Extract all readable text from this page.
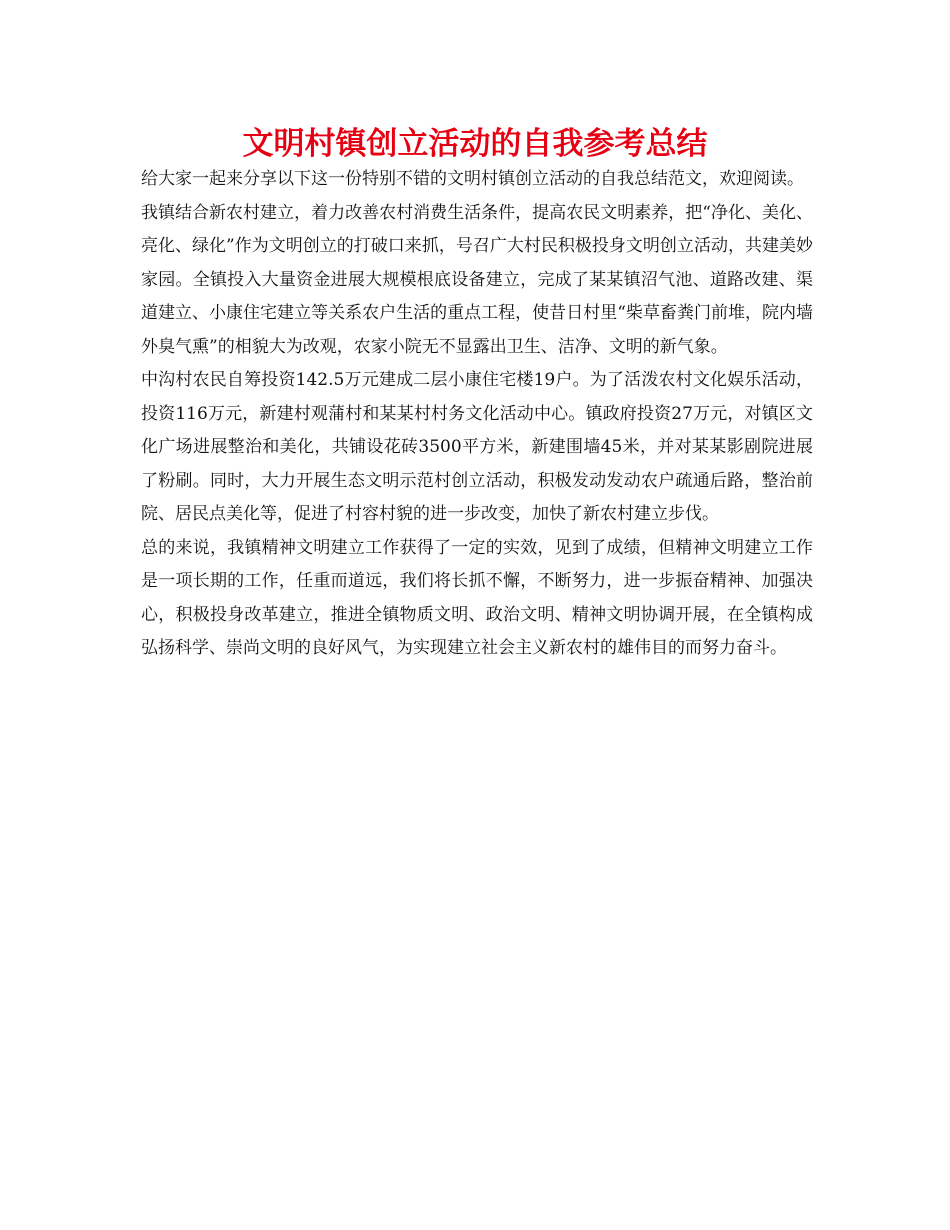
文明村镇创立活动的自我参考总结

给大家一起来分享以下这一份特别不错的文明村镇创立活动的自我总结范文，欢迎阅读。

我镇结合新农村建立，着力改善农村消费生活条件，提高农民文明素养，把“净化、美化、亮化、绿化”作为文明创立的打破口来抓，号召广大村民积极投身文明创立活动，共建美妙家园。全镇投入大量资金进展大规模根底设备建立，完成了某某镇沼气池、道路改建、渠道建立、小康住宅建立等关系农户生活的重点工程，使昔日村里“柴草畜粪门前堆，院内墙外臭气熏”的相貌大为改观，农家小院无不显露出卫生、洁净、文明的新气象。

中沟村农民自筹投资142.5万元建成二层小康住宅楼19户。为了活泼农村文化娱乐活动，投资116万元，新建村观蒲村和某某村村务文化活动中心。镇政府投资27万元，对镇区文化广场进展整治和美化，共铺设花砖3500平方米，新建围墙45米，并对某某影剧院进展了粉刷。同时，大力开展生态文明示范村创立活动，积极发动发动农户疏通后路，整治前院、居民点美化等，促进了村容村貌的进一步改变，加快了新农村建立步伐。

总的来说，我镇精神文明建立工作获得了一定的实效，见到了成绩，但精神文明建立工作是一项长期的工作，任重而道远，我们将长抓不懈，不断努力，进一步振奋精神、加强决心，积极投身改革建立，推进全镇物质文明、政治文明、精神文明协调开展，在全镇构成弘扬科学、崇尚文明的良好风气，为实现建立社会主义新农村的雄伟目的而努力奋斗。
